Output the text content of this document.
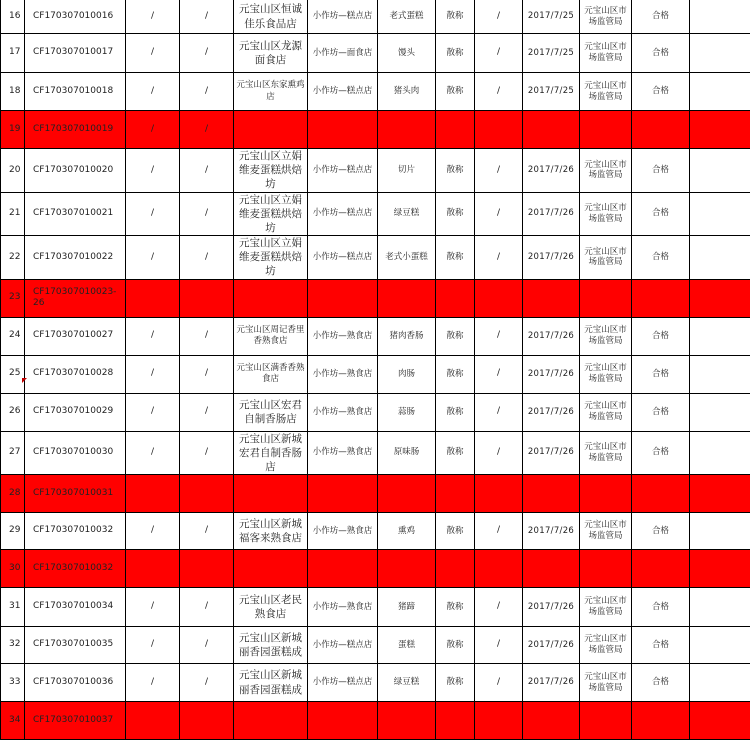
16	CF170307010016	/	/	元宝山区恒诚佳乐食品店	小作坊—糕点店	老式蛋糕	散称	/	2017/7/25	元宝山区市场监管局	合格	
17	CF170307010017	/	/	元宝山区龙源面食店	小作坊—面食店	馒头	散称	/	2017/7/25	元宝山区市场监管局	合格	
18	CF170307010018	/	/	元宝山区东家熏鸡店	小作坊—糕点店	猪头肉	散称	/	2017/7/25	元宝山区市场监管局	合格	
19	CF170307010019	/	/									
20	CF170307010020	/	/	元宝山区立娟维麦蛋糕烘焙坊	小作坊—糕点店	切片	散称	/	2017/7/26	元宝山区市场监管局	合格	
21	CF170307010021	/	/	元宝山区立娟维麦蛋糕烘焙坊	小作坊—糕点店	绿豆糕	散称	/	2017/7/26	元宝山区市场监管局	合格	
22	CF170307010022	/	/	元宝山区立娟维麦蛋糕烘焙坊	小作坊—糕点店	老式小蛋糕	散称	/	2017/7/26	元宝山区市场监管局	合格	
23	CF170307010023-26											
24	CF170307010027	/	/	元宝山区周记香里香熟食店	小作坊—熟食店	猪肉香肠	散称	/	2017/7/26	元宝山区市场监管局	合格	
25	CF170307010028	/	/	元宝山区满香香熟食店	小作坊—熟食店	肉肠	散称	/	2017/7/26	元宝山区市场监管局	合格	
26	CF170307010029	/	/	元宝山区宏君自制香肠店	小作坊—熟食店	蒜肠	散称	/	2017/7/26	元宝山区市场监管局	合格	
27	CF170307010030	/	/	元宝山区新城宏君自制香肠店	小作坊—熟食店	原味肠	散称	/	2017/7/26	元宝山区市场监管局	合格	
28	CF170307010031											
29	CF170307010032	/	/	元宝山区新城福客来熟食店	小作坊—熟食店	熏鸡	散称	/	2017/7/26	元宝山区市场监管局	合格	
30	CF170307010032											
31	CF170307010034	/	/	元宝山区老民熟食店	小作坊—熟食店	猪蹄	散称	/	2017/7/26	元宝山区市场监管局	合格	
32	CF170307010035	/	/	元宝山区新城丽香园蛋糕成	小作坊—糕点店	蛋糕	散称	/	2017/7/26	元宝山区市场监管局	合格	
33	CF170307010036	/	/	元宝山区新城丽香园蛋糕成	小作坊—糕点店	绿豆糕	散称	/	2017/7/26	元宝山区市场监管局	合格	
34	CF170307010037											
